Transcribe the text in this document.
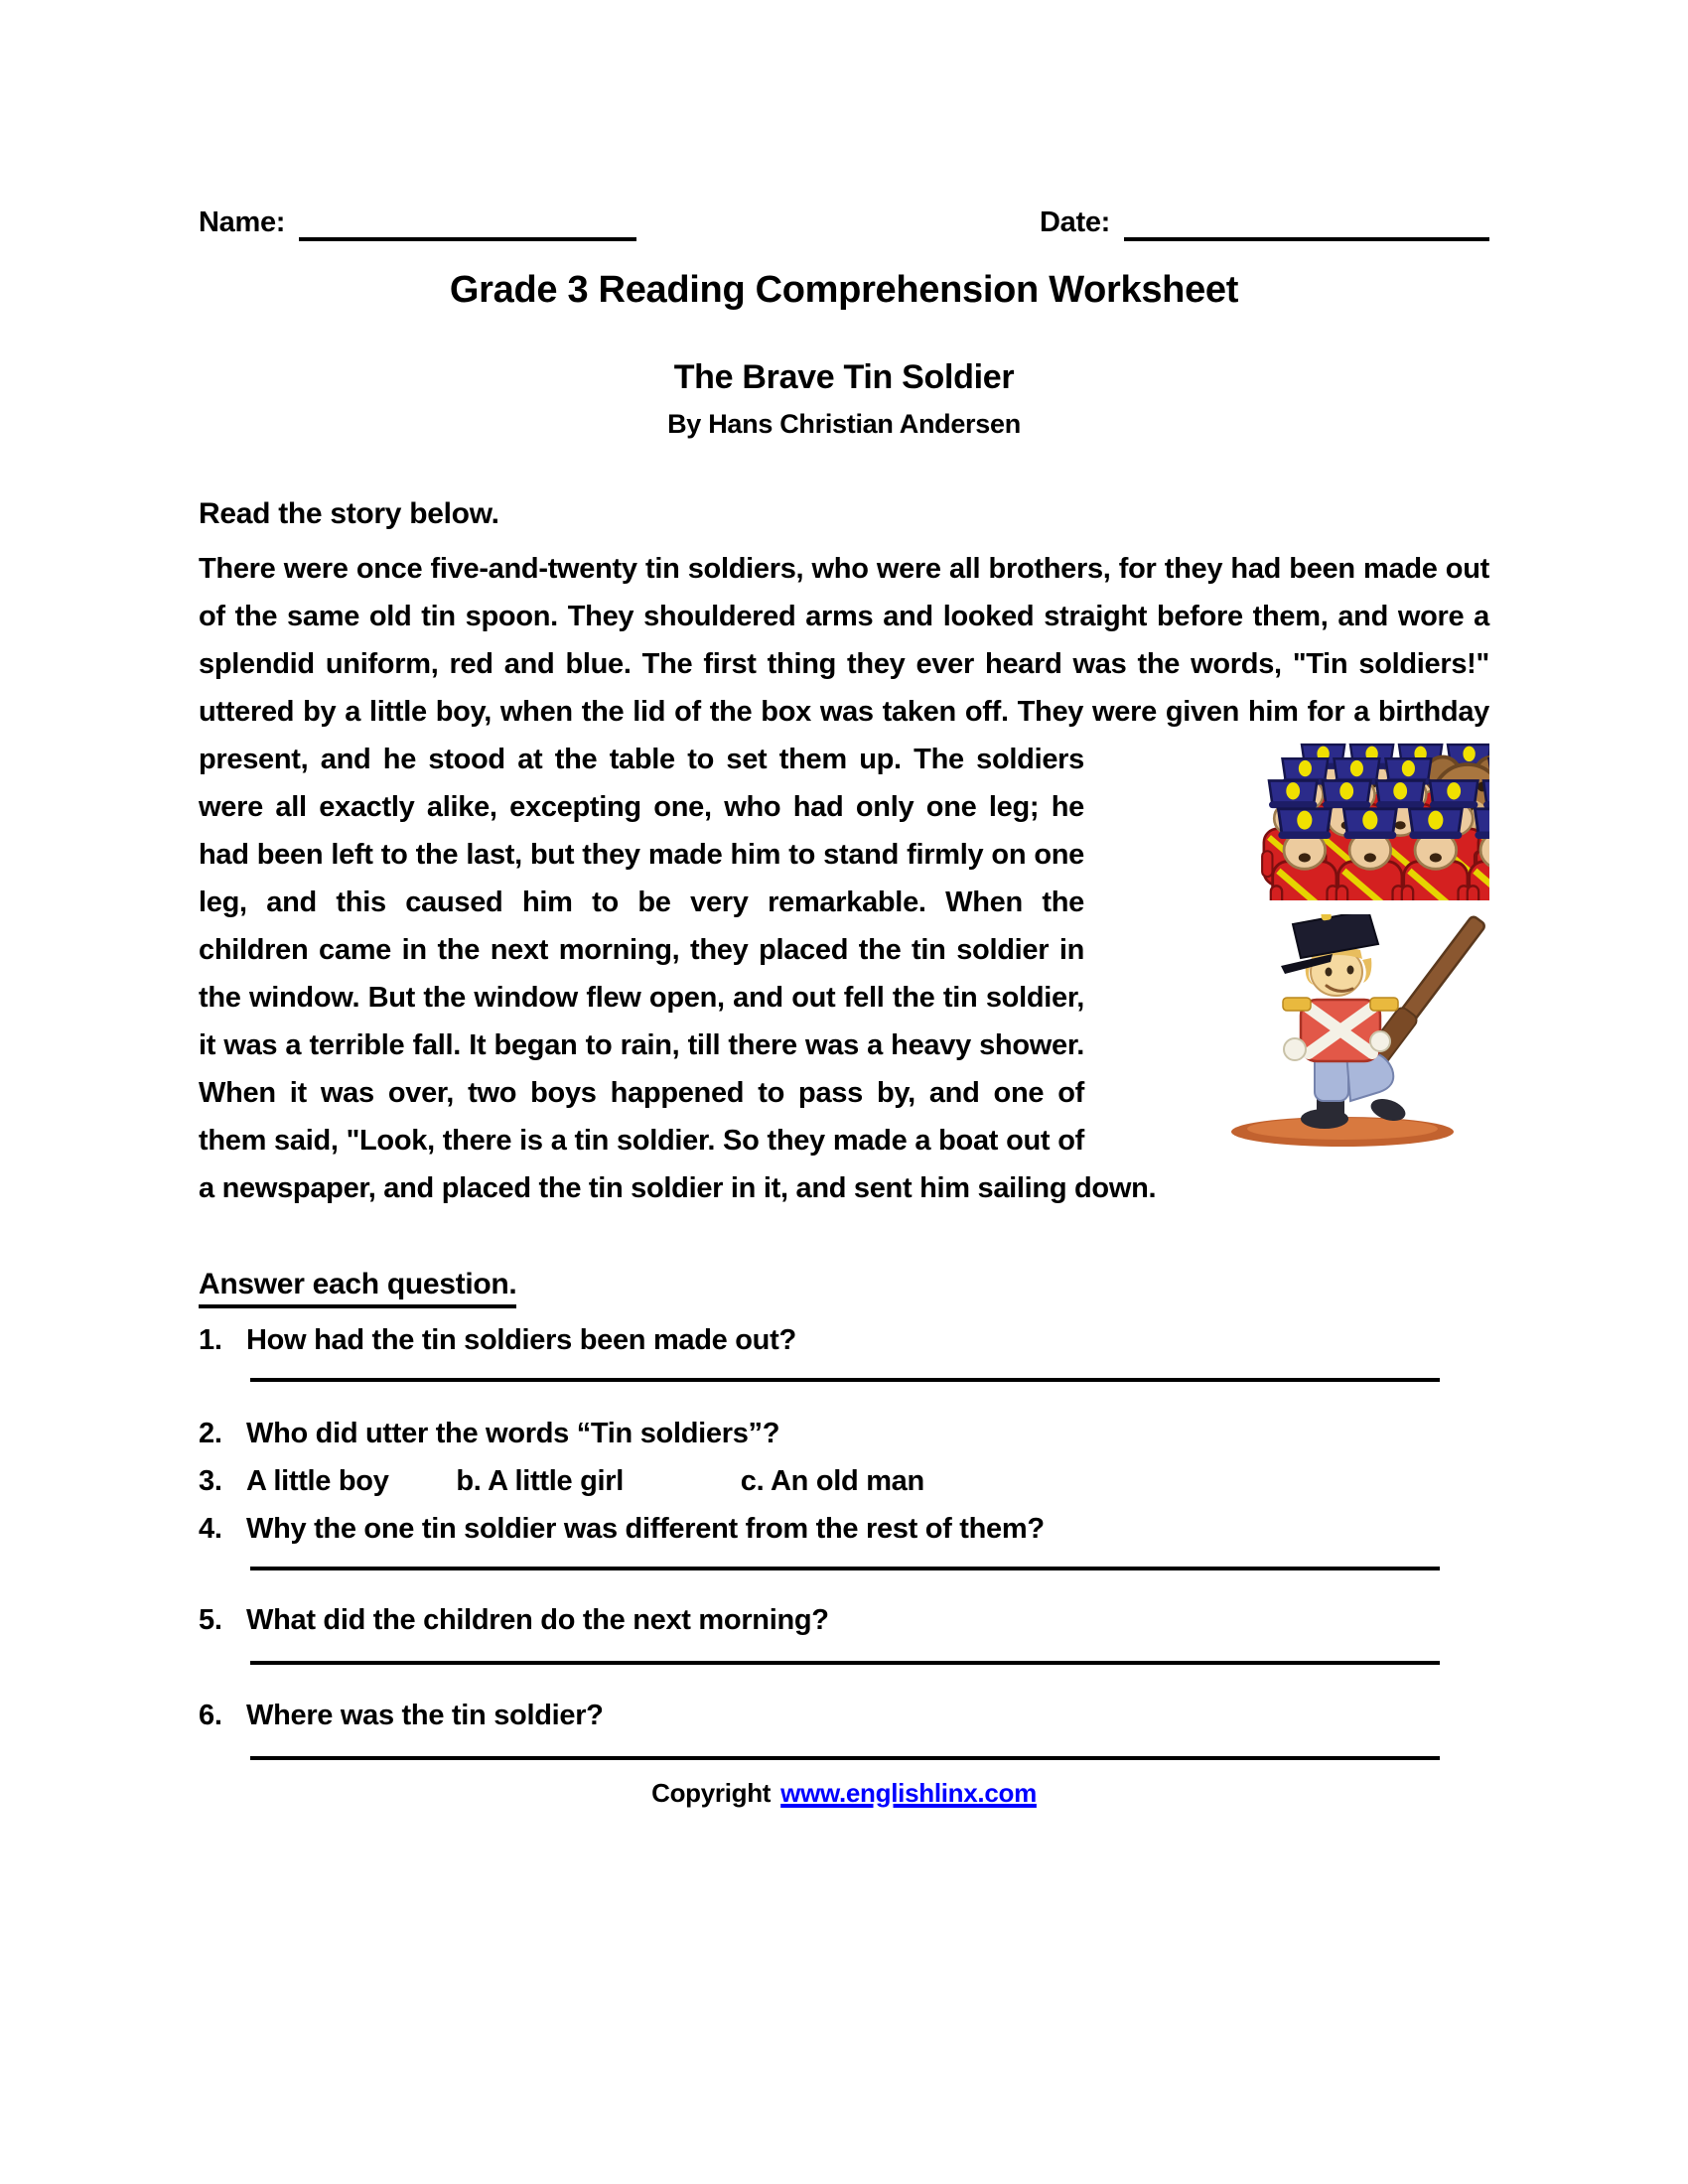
Name:	Date:
Grade 3 Reading Comprehension Worksheet
The Brave Tin Soldier
By Hans Christian Andersen
Read the story below.

There were once five-and-twenty tin soldiers, who were all brothers, for they had been made out of the same old tin spoon. They shouldered arms and looked straight before them, and wore a splendid uniform, red and blue. The first thing they ever heard was the words, "Tin soldiers!" uttered by a little boy, when the lid of the box was taken off. They were given him for a birthday
present, and he stood at the table to set them up. The soldiers were all exactly alike, excepting one, who had only one leg; he had been left to the last, but they made him to stand firmly on one leg, and this caused him to be very remarkable. When the children came in the next morning, they placed the tin soldier in the window. But the window flew open, and out fell the tin soldier, it was a terrible fall. It began to rain, till there was a heavy shower. When it was over, two boys happened to pass by, and one of them said, "Look, there is a tin soldier. So they made a boat out of a newspaper, and placed the tin soldier in it, and sent him sailing down.

Answer each question.
1. How had the tin soldiers been made out?
2. Who did utter the words “Tin soldiers”?
3. A little boy b. A little girl	c. An old man
4. Why the one tin soldier was different from the rest of them?
5. What did the children do the next morning?
6. Where was the tin soldier?
Copyright www.englishlinx.com
